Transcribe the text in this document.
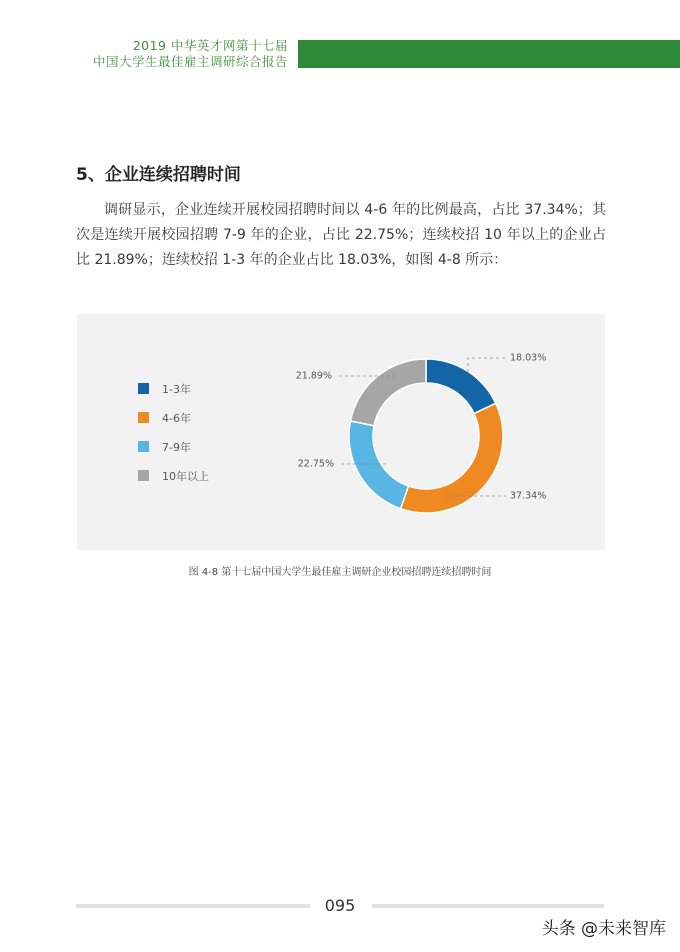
2019 中华英才网第十七届
中国大学生最佳雇主调研综合报告
5、企业连续招聘时间
调研显示，企业连续开展校园招聘时间以 4-6 年的比例最高，占比 37.34%；其次是连续开展校园招聘 7-9 年的企业，占比 22.75%；连续校招 10 年以上的企业占比 21.89%；连续校招 1-3 年的企业占比 18.03%，如图 4-8 所示：
1-3年
4-6年
7-9年
10年以上
18.03%
37.34%
22.75%
21.89%
图 4-8 第十七届中国大学生最佳雇主调研企业校园招聘连续招聘时间
095
头条 @未来智库
